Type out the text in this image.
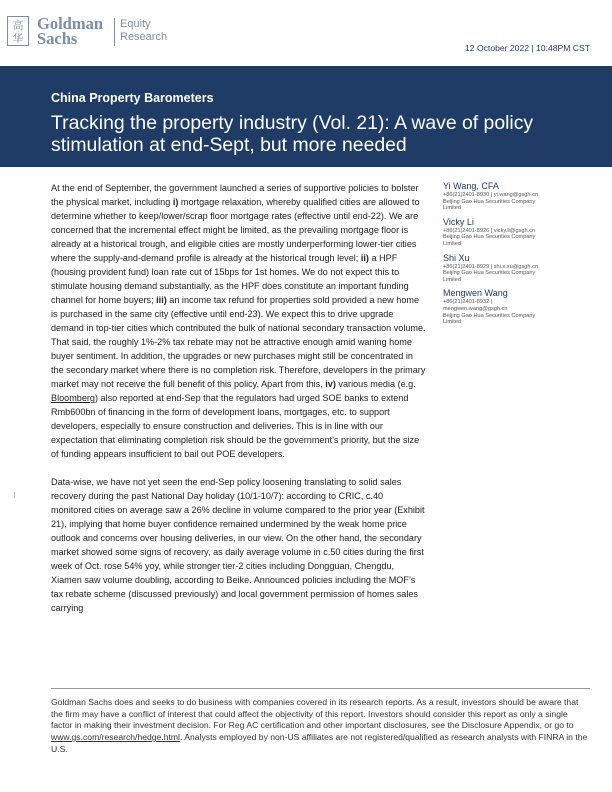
高
华
Goldman
Sachs
Equity
Research
12 October 2022 | 10:48PM CST
China Property Barometers
Tracking the property industry (Vol. 21): A wave of policy stimulation at end-Sept, but more needed

At the end of September, the government launched a series of supportive policies to bolster the physical market, including i) mortgage relaxation, whereby qualified cities are allowed to determine whether to keep/lower/scrap floor mortgage rates (effective until end-22). We are concerned that the incremental effect might be limited, as the prevailing mortgage floor is already at a historical trough, and eligible cities are mostly underperforming lower-tier cities where the supply-and-demand profile is already at the historical trough level; ii) a HPF (housing provident fund) loan rate cut of 15bps for 1st homes. We do not expect this to stimulate housing demand substantially, as the HPF does constitute an important funding channel for home buyers; iii) an income tax refund for properties sold provided a new home is purchased in the same city (effective until end-23). We expect this to drive upgrade demand in top-tier cities which contributed the bulk of national secondary transaction volume. That said, the roughly 1%-2% tax rebate may not be attractive enough amid waning home buyer sentiment. In addition, the upgrades or new purchases might still be concentrated in the secondary market where there is no completion risk. Therefore, developers in the primary market may not receive the full benefit of this policy. Apart from this, iv) various media (e.g. Bloomberg) also reported at end-Sep that the regulators had urged SOE banks to extend Rmb600bn of financing in the form of development loans, mortgages, etc. to support developers, especially to ensure construction and deliveries. This is in line with our expectation that eliminating completion risk should be the government’s priority, but the size of funding appears insufficient to bail out POE developers.

Data-wise, we have not yet seen the end-Sep policy loosening translating to solid sales recovery during the past National Day holiday (10/1-10/7): according to CRIC, c.40 monitored cities on average saw a 26% decline in volume compared to the prior year (Exhibit 21), implying that home buyer confidence remained undermined by the weak home price outlook and concerns over housing deliveries, in our view. On the other hand, the secondary market showed some signs of recovery, as daily average volume in c.50 cities during the first week of Oct. rose 54% yoy, while stronger tier-2 cities including Dongguan, Chengdu, Xiamen saw volume doubling, according to Beike. Announced policies including the MOF’s tax rebate scheme (discussed previously) and local government permission of homes sales carrying

Yi Wang, CFA
+86(21)2401-8930 | yi.wang@gsgh.cn
Beijing Gao Hua Securities Company
Limited
Vicky Li
+86(21)2401-8926 | vicky.li@gsgh.cn
Beijing Gao Hua Securities Company
Limited
Shi Xu
+86(21)2401-8929 | shi.x.xu@gsgh.cn
Beijing Gao Hua Securities Company
Limited
Mengwen Wang
+86(21)2401-8932 |
mengwen.wang@gsgh.cn
Beijing Gao Hua Securities Company
Limited
Goldman Sachs does and seeks to do business with companies covered in its research reports. As a result, investors should be aware that the firm may have a conflict of interest that could affect the objectivity of this report. Investors should consider this report as only a single factor in making their investment decision. For Reg AC certification and other important disclosures, see the Disclosure Appendix, or go to www.gs.com/research/hedge.html. Analysts employed by non-US affiliates are not registered/qualified as research analysts with FINRA in the U.S.
